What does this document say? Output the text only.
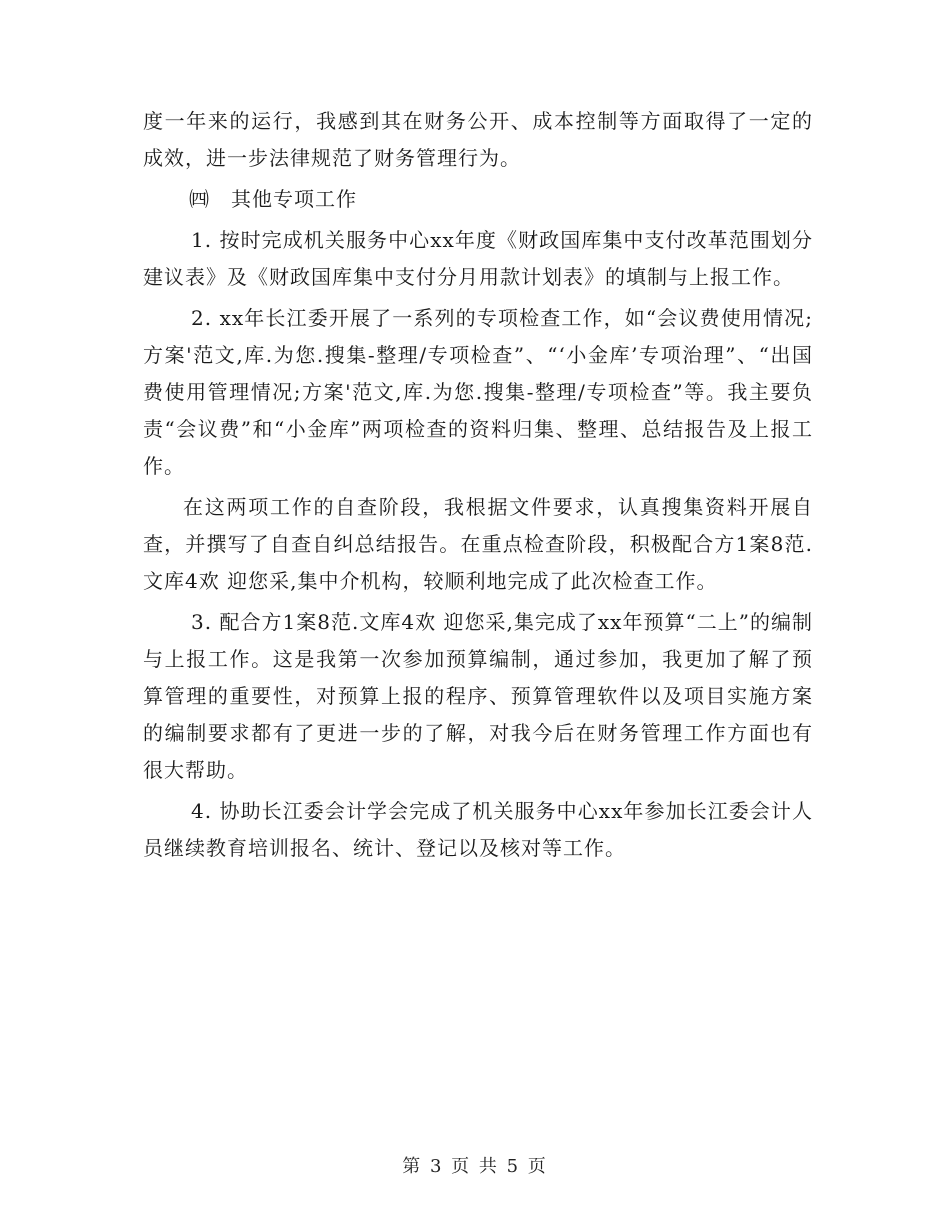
度一年来的运行，我感到其在财务公开、成本控制等方面取得了一定的成效，进一步法律规范了财务管理行为。

㈣　其他专项工作

1. 按时完成机关服务中心xx年度《财政国库集中支付改革范围划分建议表》及《财政国库集中支付分月用款计划表》的填制与上报工作。

2. xx年长江委开展了一系列的专项检查工作，如“会议费使用情况;方案'范文,库.为您.搜集-整理/专项检查”、“‘小金库’专项治理”、“出国费使用管理情况;方案'范文,库.为您.搜集-整理/专项检查”等。我主要负责“会议费”和“小金库”两项检查的资料归集、整理、总结报告及上报工作。

在这两项工作的自查阶段，我根据文件要求，认真搜集资料开展自查，并撰写了自查自纠总结报告。在重点检查阶段，积极配合方1案8范.文库4欢 迎您采,集中介机构，较顺利地完成了此次检查工作。

3. 配合方1案8范.文库4欢 迎您采,集完成了xx年预算“二上”的编制与上报工作。这是我第一次参加预算编制，通过参加，我更加了解了预算管理的重要性，对预算上报的程序、预算管理软件以及项目实施方案的编制要求都有了更进一步的了解，对我今后在财务管理工作方面也有很大帮助。

4. 协助长江委会计学会完成了机关服务中心xx年参加长江委会计人员继续教育培训报名、统计、登记以及核对等工作。

第 3 页 共 5 页
